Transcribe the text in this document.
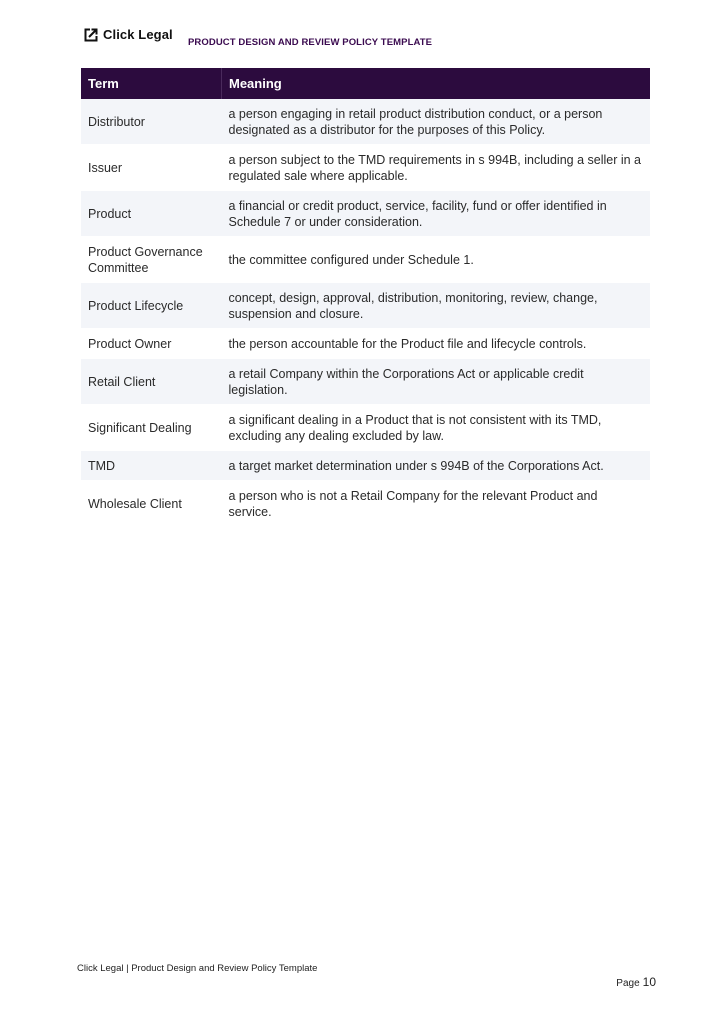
Click Legal
PRODUCT DESIGN AND REVIEW POLICY TEMPLATE
Term	Meaning
Distributor	a person engaging in retail product distribution conduct, or a person designated as a distributor for the purposes of this Policy.
Issuer	a person subject to the TMD requirements in s 994B, including a seller in a regulated sale where applicable.
Product	a financial or credit product, service, facility, fund or offer identified in Schedule 7 or under consideration.
Product Governance Committee	the committee configured under Schedule 1.
Product Lifecycle	concept, design, approval, distribution, monitoring, review, change, suspension and closure.
Product Owner	the person accountable for the Product file and lifecycle controls.
Retail Client	a retail Company within the Corporations Act or applicable credit legislation.
Significant Dealing	a significant dealing in a Product that is not consistent with its TMD, excluding any dealing excluded by law.
TMD	a target market determination under s 994B of the Corporations Act.
Wholesale Client	a person who is not a Retail Company for the relevant Product and service.
Click Legal | Product Design and Review Policy Template
Page 10
